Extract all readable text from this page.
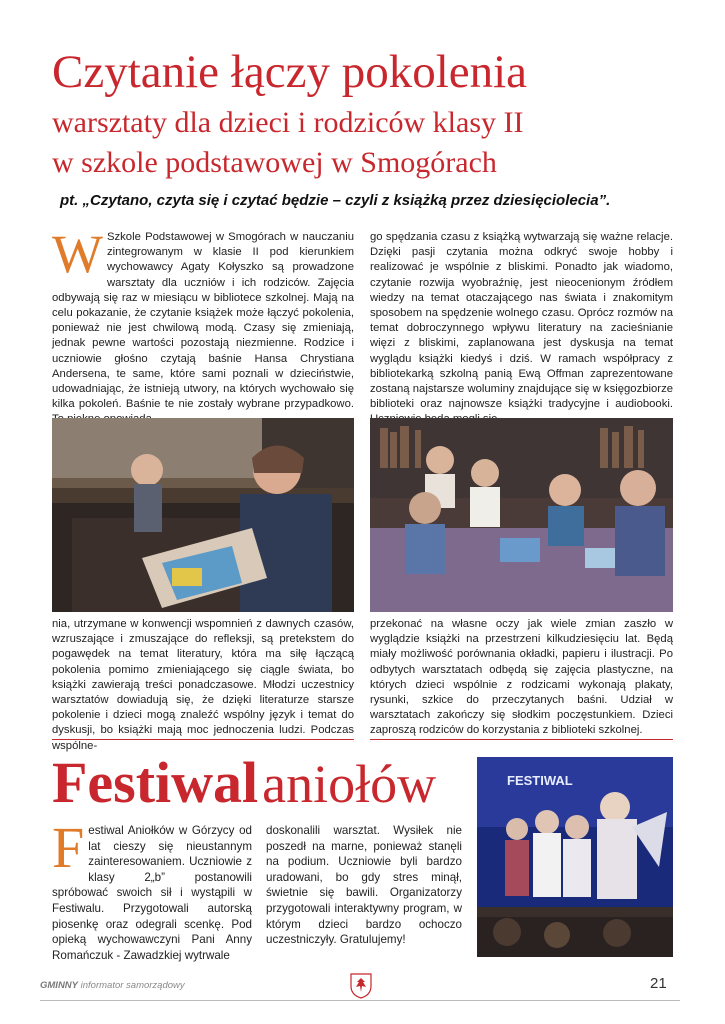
Czytanie łączy pokolenia
warsztaty dla dzieci i rodziców klasy II
w szkole podstawowej w Smogórach
pt. „Czytano, czyta się i czytać będzie – czyli z książką przez dziesięciolecia”.
W Szkole Podstawowej w Smogórach w nauczaniu zintegrowanym w klasie II pod kierunkiem wychowawcy Agaty Kołyszko są prowadzone warsztaty dla uczniów i ich rodziców. Zajęcia odbywają się raz w miesiącu w bibliotece szkolnej. Mają na celu pokazanie, że czytanie książek może łączyć pokolenia, ponieważ nie jest chwilową modą. Czasy się zmieniają, jednak pewne wartości pozostają niezmienne. Rodzice i uczniowie głośno czytają baśnie Hansa Chrystiana Andersena, te same, które sami poznali w dzieciństwie, udowadniając, że istnieją utwory, na których wychowało się kilka pokoleń. Baśnie te nie zostały wybrane przypadkowo.

go spędzania czasu z książką wytwarzają się ważne relacje. Dzięki pasji czytania można odkryć swoje hobby i realizować je wspólnie z bliskimi. Ponadto jak wiadomo, czytanie rozwija wyobraźnię, jest nieocenionym źródłem wiedzy na temat otaczającego nas świata i znakomitym sposobem na spędzenie wolnego czasu. Oprócz rozmów na temat dobroczynnego wpływu literatury na zacieśnianie więzi z bliskimi, zaplanowana jest dyskusja na temat wyglądu książki kiedyś i dziś. W ramach współpracy z bibliotekarką szkolną panią Ewą Offman zaprezentowane zostaną najstarsze woluminy znajdujące się w księgozbiorze biblioteki oraz najnowsze książki tradycyjne i audiobooki.

nia, utrzymane w konwencji wspomnień z dawnych czasów, wzruszające i zmuszające do refleksji, są pretekstem do pogawędek na temat literatury, która ma siłę łączącą pokolenia pomimo zmieniającego się ciągle świata, bo książki zawierają treści ponadczasowe. Młodzi uczestnicy warsztatów dowiadują się, że dzięki literaturze starsze pokolenie i dzieci mogą znaleźć wspólny język i temat do dyskusji, bo książki mają moc jednoczenia ludzi. Podczas wspólne-

przekonać na własne oczy jak wiele zmian zaszło w wyglądzie książki na przestrzeni kilkudziesięciu lat. Będą miały możliwość porównania okładki, papieru i ilustracji. Po odbytych warsztatach odbędą się zajęcia plastyczne, na których dzieci wspólnie z rodzicami wykonają plakaty, rysunki, szkice do przeczytanych baśni. Udział w warsztatach zakończy się słodkim poczęstunkiem. Dzieci zaproszą rodziców do korzystania z biblioteki szkolnej.

Festiwal aniołów
F estiwal Aniołków w Górzycy od lat cieszy się nieustannym zainteresowaniem. Uczniowie z klasy 2„b” postanowili spróbować swoich sił i wystąpili w Festiwalu. Przygotowali autorską piosenkę oraz odegrali scenkę. Pod opieką wychowawczyni Pani Anny Romańczuk - Zawadzkiej wytrwale

doskonalili warsztat. Wysiłek nie poszedł na marne, ponieważ stanęli na podium. Uczniowie byli bardzo uradowani, bo gdy stres minął, świetnie się bawili. Organizatorzy przygotowali interaktywny program, w którym dzieci bardzo ochoczo uczestniczyły. Gratulujemy!

FESTIWAL
GMINNY informator samorządowy	21
